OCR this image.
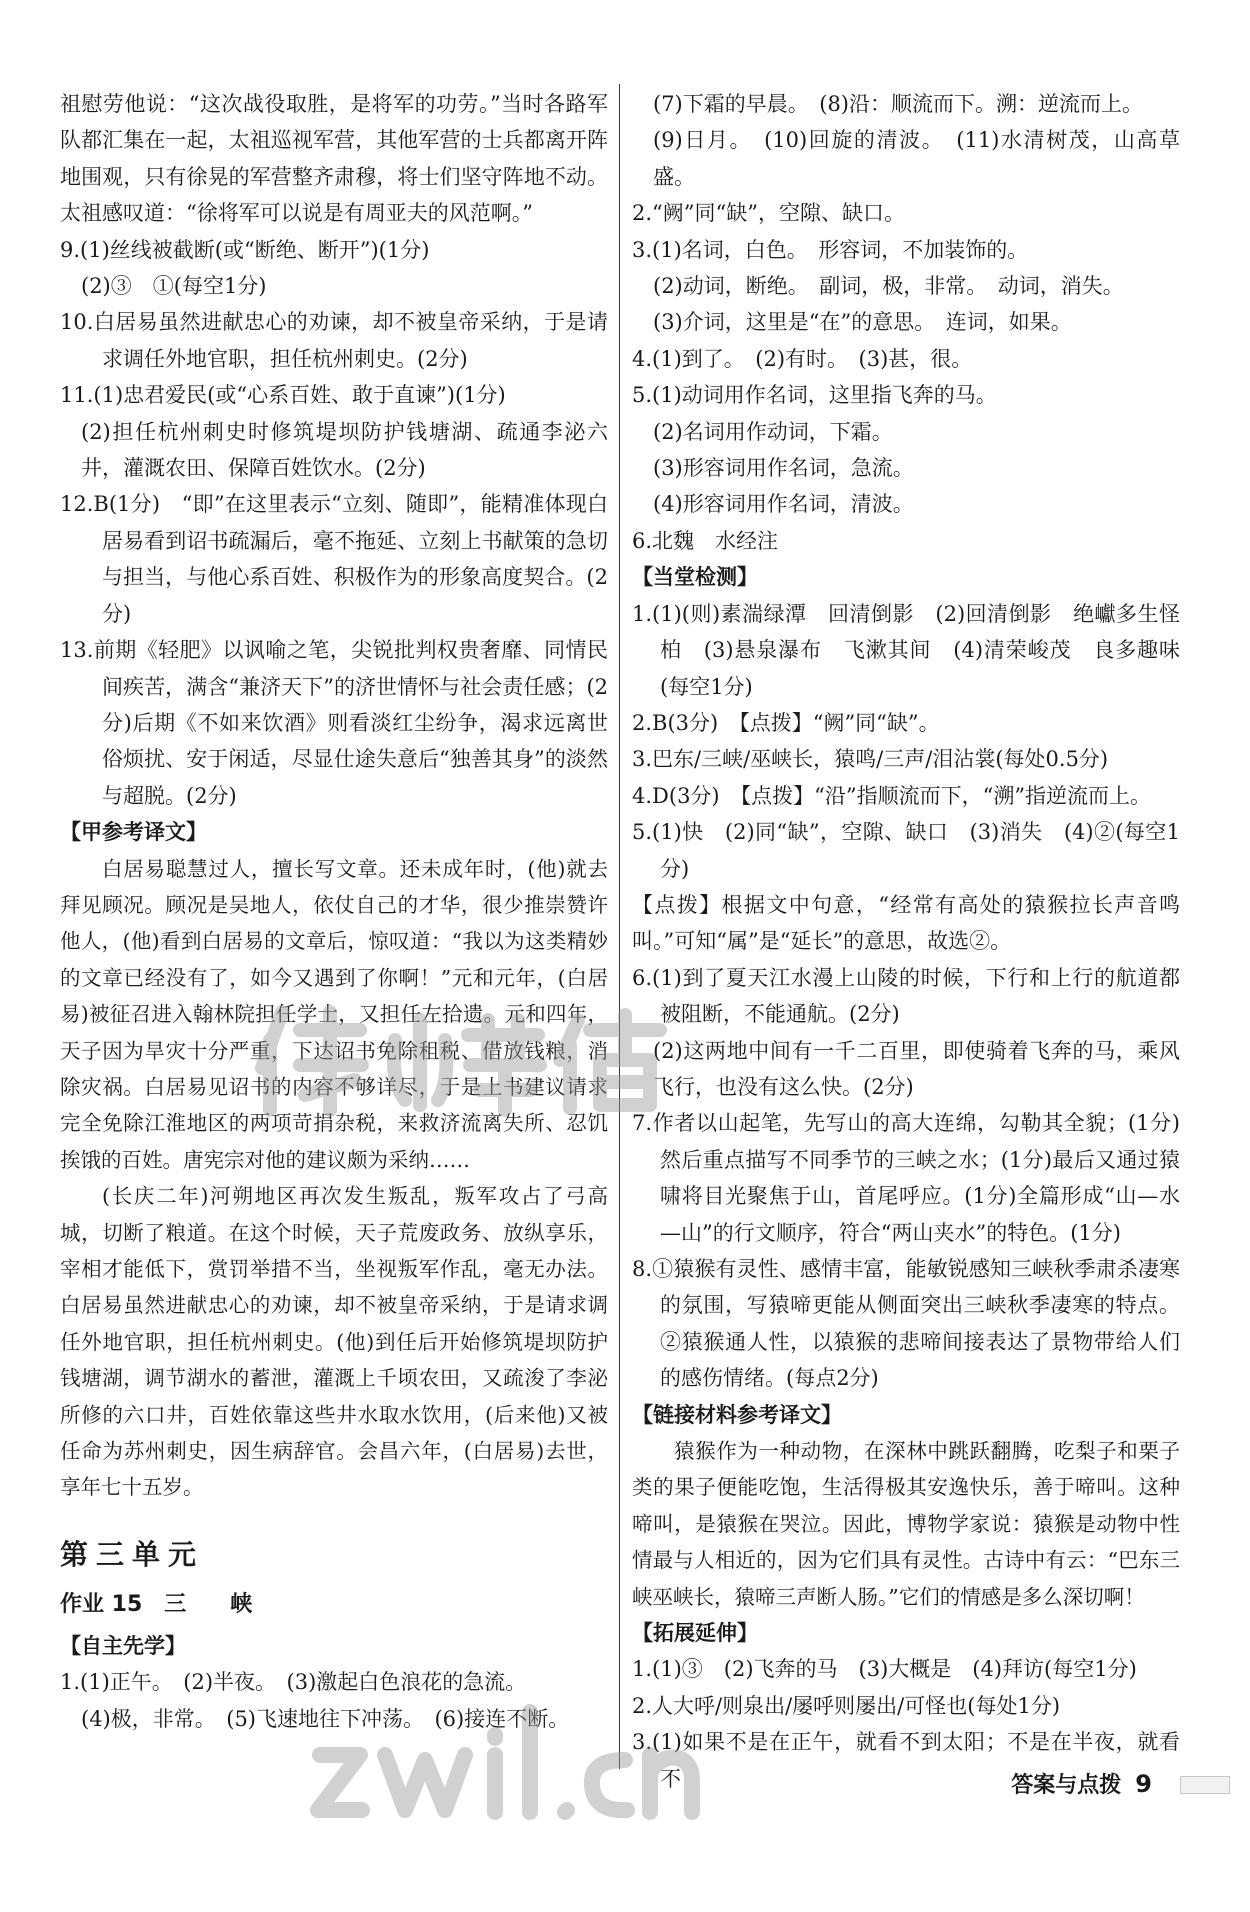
祖慰劳他说：“这次战役取胜，是将军的功劳。”当时各路军队都汇集在一起，太祖巡视军营，其他军营的士兵都离开阵地围观，只有徐晃的军营整齐肃穆，将士们坚守阵地不动。太祖感叹道：“徐将军可以说是有周亚夫的风范啊。”

9.(1)丝线被截断(或“断绝、断开”)(1分)

(2)③　①(每空1分)

10.白居易虽然进献忠心的劝谏，却不被皇帝采纳，于是请求调任外地官职，担任杭州刺史。(2分)

11.(1)忠君爱民(或“心系百姓、敢于直谏”)(1分)

(2)担任杭州刺史时修筑堤坝防护钱塘湖、疏通李泌六井，灌溉农田、保障百姓饮水。(2分)

12.B(1分)　“即”在这里表示“立刻、随即”，能精准体现白居易看到诏书疏漏后，毫不拖延、立刻上书献策的急切与担当，与他心系百姓、积极作为的形象高度契合。(2分)

13.前期《轻肥》以讽喻之笔，尖锐批判权贵奢靡、同情民间疾苦，满含“兼济天下”的济世情怀与社会责任感；(2分)后期《不如来饮酒》则看淡红尘纷争，渴求远离世俗烦扰、安于闲适，尽显仕途失意后“独善其身”的淡然与超脱。(2分)

【甲参考译文】

白居易聪慧过人，擅长写文章。还未成年时，(他)就去拜见顾况。顾况是吴地人，依仗自己的才华，很少推崇赞许他人，(他)看到白居易的文章后，惊叹道：“我以为这类精妙的文章已经没有了，如今又遇到了你啊！”元和元年，(白居易)被征召进入翰林院担任学士，又担任左拾遗。元和四年，天子因为旱灾十分严重，下达诏书免除租税、借放钱粮，消除灾祸。白居易见诏书的内容不够详尽，于是上书建议请求完全免除江淮地区的两项苛捐杂税，来救济流离失所、忍饥挨饿的百姓。唐宪宗对他的建议颇为采纳……

(长庆二年)河朔地区再次发生叛乱，叛军攻占了弓高城，切断了粮道。在这个时候，天子荒废政务、放纵享乐，宰相才能低下，赏罚举措不当，坐视叛军作乱，毫无办法。白居易虽然进献忠心的劝谏，却不被皇帝采纳，于是请求调任外地官职，担任杭州刺史。(他)到任后开始修筑堤坝防护钱塘湖，调节湖水的蓄泄，灌溉上千顷农田，又疏浚了李泌所修的六口井，百姓依靠这些井水取水饮用，(后来他)又被任命为苏州刺史，因生病辞官。会昌六年，(白居易)去世，享年七十五岁。

第三单元
作业 15 三峡

【自主先学】

1.(1)正午。　(2)半夜。　(3)激起白色浪花的急流。

(4)极，非常。　(5)飞速地往下冲荡。　(6)接连不断。

(7)下霜的早晨。　(8)沿：顺流而下。溯：逆流而上。

(9)日月。　(10)回旋的清波。　(11)水清树茂，山高草盛。

2.“阙”同“缺”，空隙、缺口。

3.(1)名词，白色。　形容词，不加装饰的。

(2)动词，断绝。　副词，极，非常。　动词，消失。

(3)介词，这里是“在”的意思。　连词，如果。

4.(1)到了。　(2)有时。　(3)甚，很。

5.(1)动词用作名词，这里指飞奔的马。

(2)名词用作动词，下霜。

(3)形容词用作名词，急流。

(4)形容词用作名词，清波。

6.北魏　水经注

【当堂检测】

1.(1)(则)素湍绿潭　回清倒影　(2)回清倒影　绝巘多生怪柏　(3)悬泉瀑布　飞漱其间　(4)清荣峻茂　良多趣味(每空1分)

2.B(3分)　【点拨】“阙”同“缺”。

3.巴东/三峡/巫峡长，猿鸣/三声/泪沾裳(每处0.5分)

4.D(3分)　【点拨】“沿”指顺流而下，“溯”指逆流而上。

5.(1)快　(2)同“缺”，空隙、缺口　(3)消失　(4)②(每空1分)

【点拨】根据文中句意，“经常有高处的猿猴拉长声音鸣叫。”可知“属”是“延长”的意思，故选②。

6.(1)到了夏天江水漫上山陵的时候，下行和上行的航道都被阻断，不能通航。(2分)

(2)这两地中间有一千二百里，即使骑着飞奔的马，乘风飞行，也没有这么快。(2分)

7.作者以山起笔，先写山的高大连绵，勾勒其全貌；(1分)然后重点描写不同季节的三峡之水；(1分)最后又通过猿啸将目光聚焦于山，首尾呼应。(1分)全篇形成“山—水—山”的行文顺序，符合“两山夹水”的特色。(1分)

8.①猿猴有灵性、感情丰富，能敏锐感知三峡秋季肃杀凄寒的氛围，写猿啼更能从侧面突出三峡秋季凄寒的特点。②猿猴通人性，以猿猴的悲啼间接表达了景物带给人们的感伤情绪。(每点2分)

【链接材料参考译文】

猿猴作为一种动物，在深林中跳跃翻腾，吃梨子和栗子类的果子便能吃饱，生活得极其安逸快乐，善于啼叫。这种啼叫，是猿猴在哭泣。因此，博物学家说：猿猴是动物中性情最与人相近的，因为它们具有灵性。古诗中有云：“巴东三峡巫峡长，猿啼三声断人肠。”它们的情感是多么深切啊！

【拓展延伸】

1.(1)③　(2)飞奔的马　(3)大概是　(4)拜访(每空1分)

2.人大呼/则泉出/屡呼则屡出/可怪也(每处1分)

3.(1)如果不是在正午，就看不到太阳；不是在半夜，就看不	答案与点拨 9
